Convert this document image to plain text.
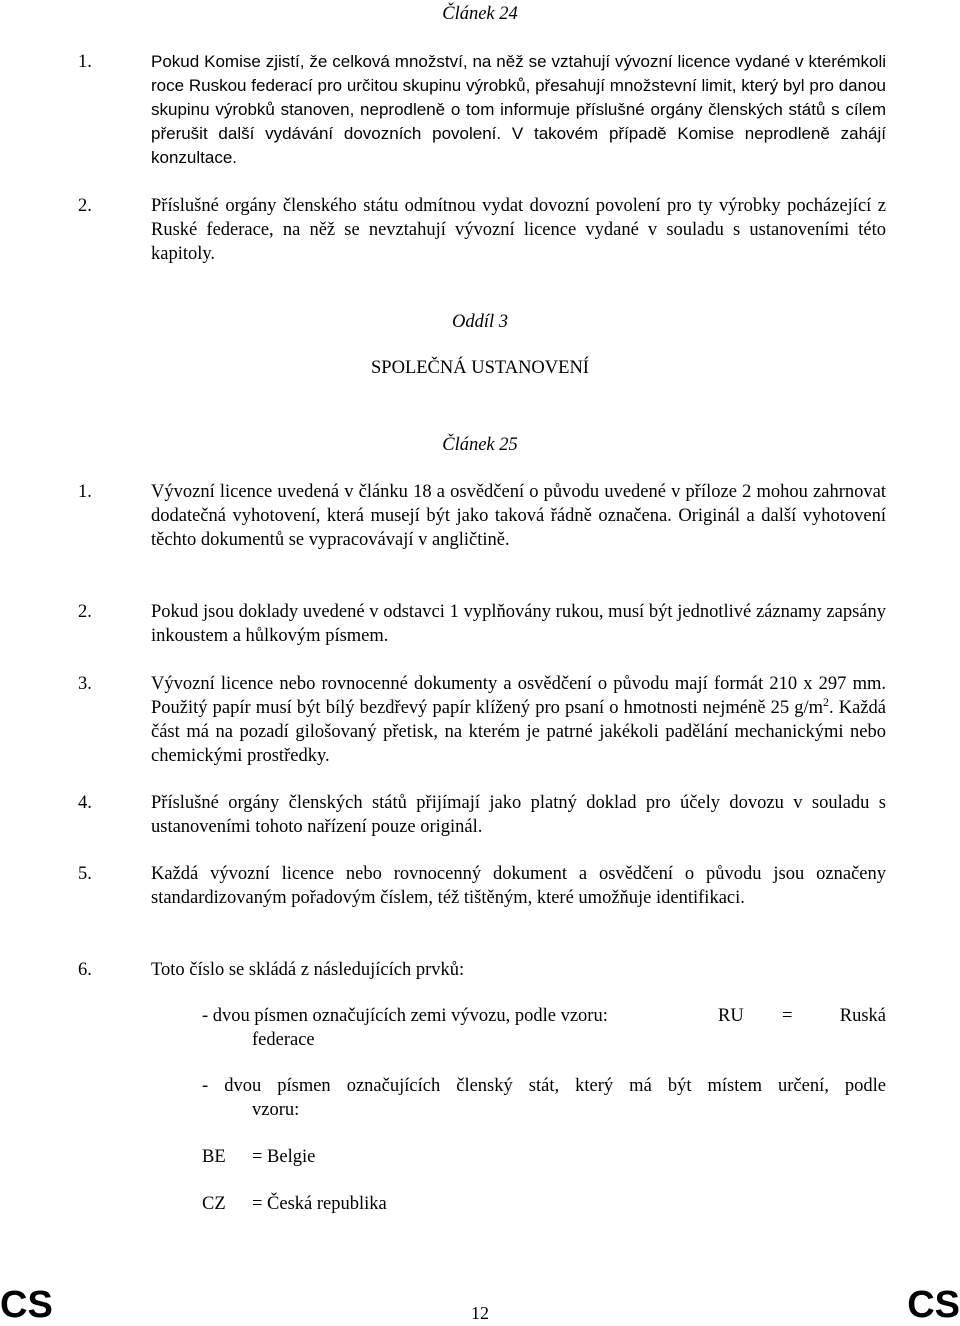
Článek 24
1.	Pokud Komise zjistí, že celková množství, na něž se vztahují vývozní licence vydané v kterémkoli roce Ruskou federací pro určitou skupinu výrobků, přesahují množstevní limit, který byl pro danou skupinu výrobků stanoven, neprodleně o tom informuje příslušné orgány členských států s cílem přerušit další vydávání dovozních povolení. V takovém případě Komise neprodleně zahájí konzultace.
2.	Příslušné orgány členského státu odmítnou vydat dovozní povolení pro ty výrobky pocházející z Ruské federace, na něž se nevztahují vývozní licence vydané v souladu s ustanoveními této kapitoly.
Oddíl 3
SPOLEČNÁ USTANOVENÍ
Článek 25
1.	Vývozní licence uvedená v článku 18 a osvědčení o původu uvedené v příloze 2 mohou zahrnovat dodatečná vyhotovení, která musejí být jako taková řádně označena. Originál a další vyhotovení těchto dokumentů se vypracovávají v angličtině.
2.	Pokud jsou doklady uvedené v odstavci 1 vyplňovány rukou, musí být jednotlivé záznamy zapsány inkoustem a hůlkovým písmem.
3.	Vývozní licence nebo rovnocenné dokumenty a osvědčení o původu mají formát 210 x 297 mm. Použitý papír musí být bílý bezdřevý papír klížený pro psaní o hmotnosti nejméně 25 $g/m^2$. Každá část má na pozadí gilošovaný přetisk, na kterém je patrné jakékoli padělání mechanickými nebo chemickými prostředky.
4.	Příslušné orgány členských států přijímají jako platný doklad pro účely dovozu v souladu s ustanoveními tohoto nařízení pouze originál.
5.	Každá vývozní licence nebo rovnocenný dokument a osvědčení o původu jsou označeny standardizovaným pořadovým číslem, též tištěným, které umožňuje identifikaci.
6.	Toto číslo se skládá z následujících prvků:
- dvou písmen označujících zemi vývozu, podle vzoru:	RU =	Ruská
federace
- dvou písmen označujících členský stát, který má být místem určení, podle
vzoru:
BE = Belgie
CZ = Česká republika
CS	12	CS
